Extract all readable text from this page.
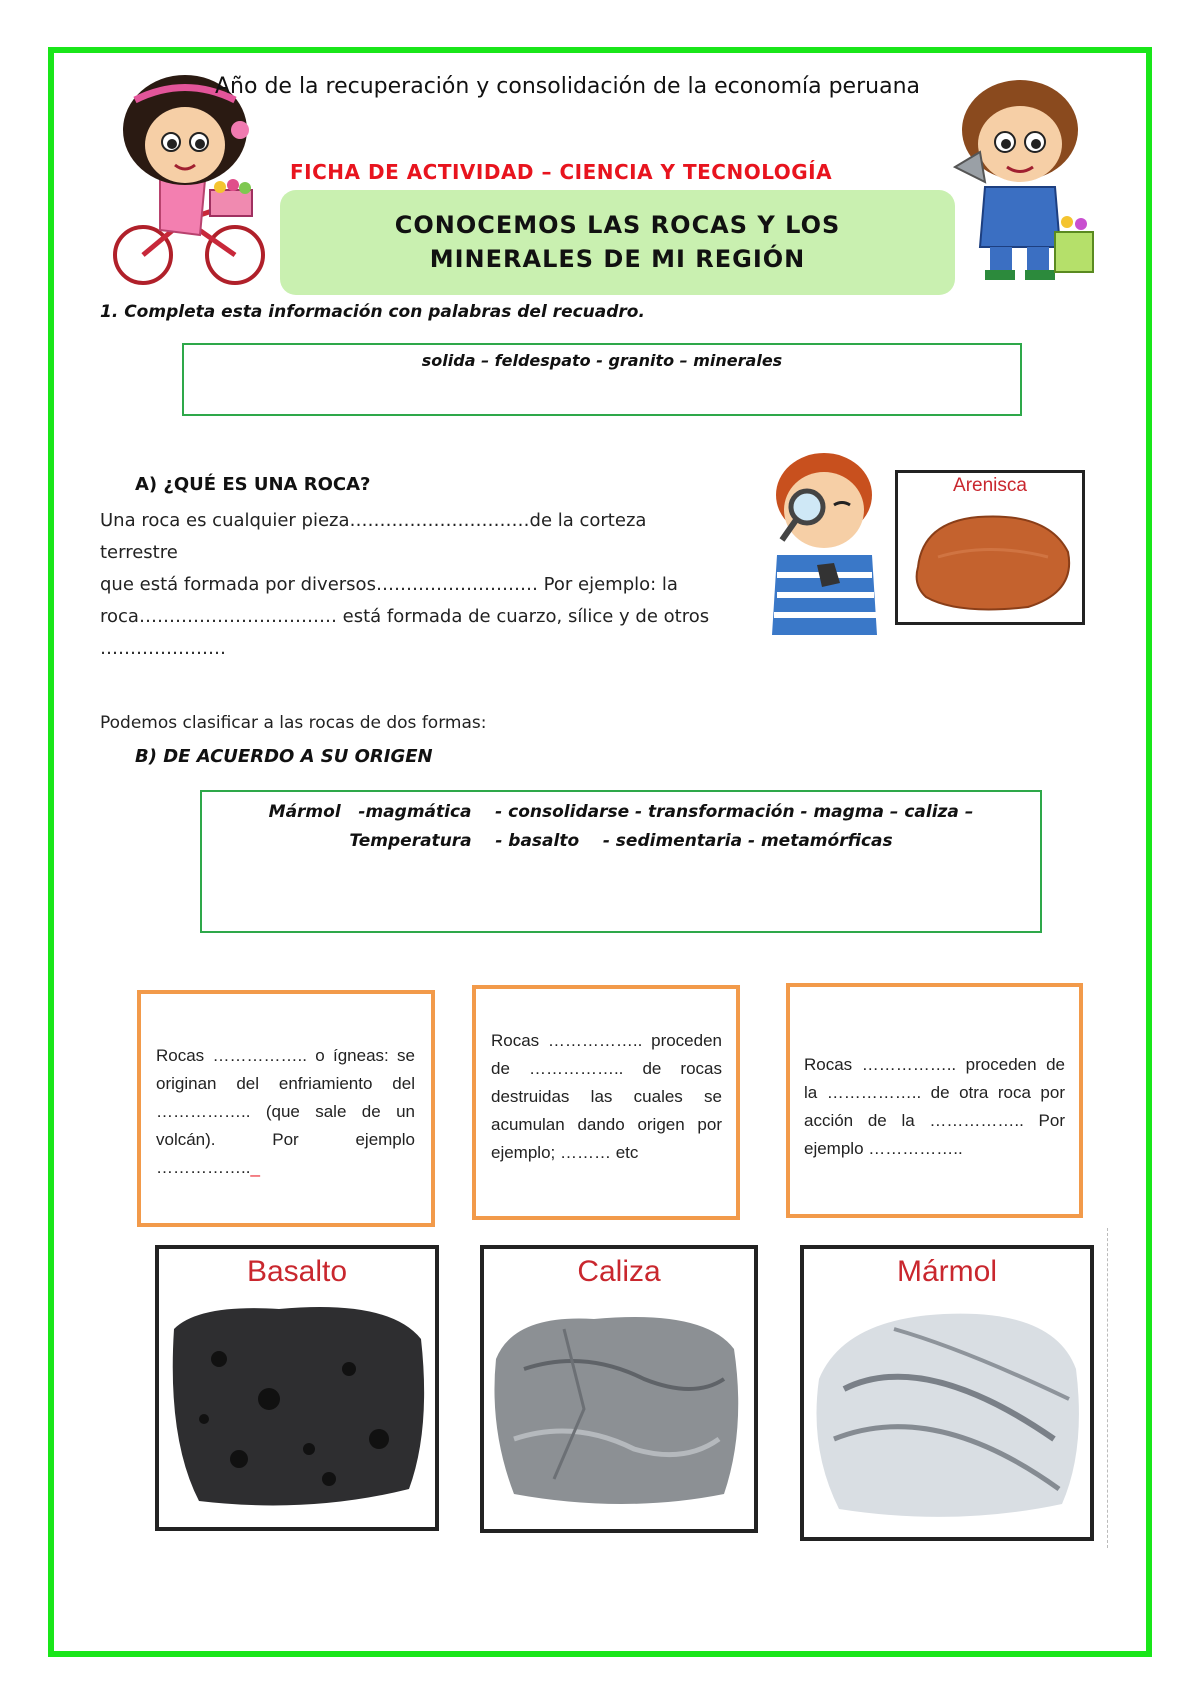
Año de la recuperación y consolidación de la economía peruana
FICHA DE ACTIVIDAD – CIENCIA Y TECNOLOGÍA
CONOCEMOS LAS ROCAS Y LOS
MINERALES DE MI REGIÓN
1. Completa esta información con palabras del recuadro.
solida – feldespato - granito – minerales
A) ¿QUÉ ES UNA ROCA?
Una roca es cualquier pieza…………………………de la corteza terrestre
que está formada por diversos……………………… Por ejemplo: la
roca…………………………… está formada de cuarzo, sílice y de otros
…………………
Arenisca
Podemos clasificar a las rocas de dos formas:
B) DE ACUERDO A SU ORIGEN
Mármol   -magmática    - consolidarse - transformación - magma – caliza –
Temperatura    - basalto    - sedimentaria - metamórficas
Rocas …………….. o ígneas: se originan del enfriamiento del …………….. (que sale de un volcán). Por ejemplo …………….._
Rocas …………….. proceden de …………….. de rocas destruidas las cuales se acumulan dando origen por ejemplo; ……… etc
Rocas …………….. proceden de la …………….. de otra roca por acción de la …………….. Por ejemplo ……………..
Basalto	Caliza	Mármol
